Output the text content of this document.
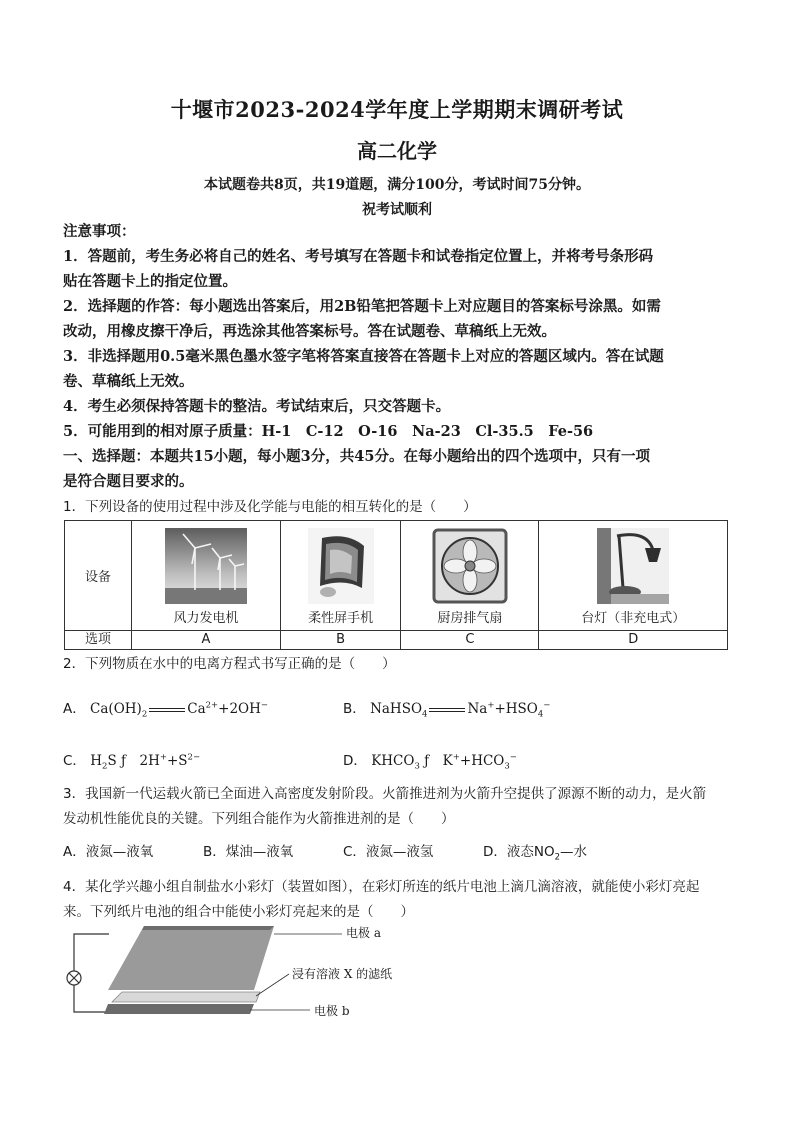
十堰市2023-2024学年度上学期期末调研考试
高二化学
本试题卷共8页，共19道题，满分100分，考试时间75分钟。
祝考试顺利
注意事项：
1．答题前，考生务必将自己的姓名、考号填写在答题卡和试卷指定位置上，并将考号条形码
贴在答题卡上的指定位置。
2．选择题的作答：每小题选出答案后，用2B铅笔把答题卡上对应题目的答案标号涂黑。如需
改动，用橡皮擦干净后，再选涂其他答案标号。答在试题卷、草稿纸上无效。
3．非选择题用0.5毫米黑色墨水签字笔将答案直接答在答题卡上对应的答题区域内。答在试题
卷、草稿纸上无效。
4．考生必须保持答题卡的整洁。考试结束后，只交答题卡。
5．可能用到的相对原子质量：H-1　C-12　O-16　Na-23　Cl-35.5　Fe-56
一、选择题：本题共15小题，每小题3分，共45分。在每小题给出的四个选项中，只有一项
是符合题目要求的。
1．下列设备的使用过程中涉及化学能与电能的相互转化的是（　　）
设备	风力发电机	柔性屏手机	厨房排气扇	台灯（非充电式）

选项	A	B	C	D
2．下列物质在水中的电离方程式书写正确的是（　　）
A． $Ca(OH)_2$	$Ca^{2+}+2OH^-$	B． NaHSO$_4$	$Na^++HSO_4^-$
C． $H_2S$ ƒ　$2H^++S^{2-}$	D． $KHCO_3$ ƒ　$K^++HCO_3^-$
3．我国新一代运载火箭已全面进入高密度发射阶段。火箭推进剂为火箭升空提供了源源不断的动力，是火箭
发动机性能优良的关键。下列组合能作为火箭推进剂的是（　　）
A．液氮—液氧	B．煤油—液氧	C．液氮—液氢	D．液态$NO_2—$水
4．某化学兴趣小组自制盐水小彩灯（装置如图），在彩灯所连的纸片电池上滴几滴溶液，就能使小彩灯亮起
来。下列纸片电池的组合中能使小彩灯亮起来的是（　　）
电极 a
浸有溶液 X 的滤纸
电极 b
